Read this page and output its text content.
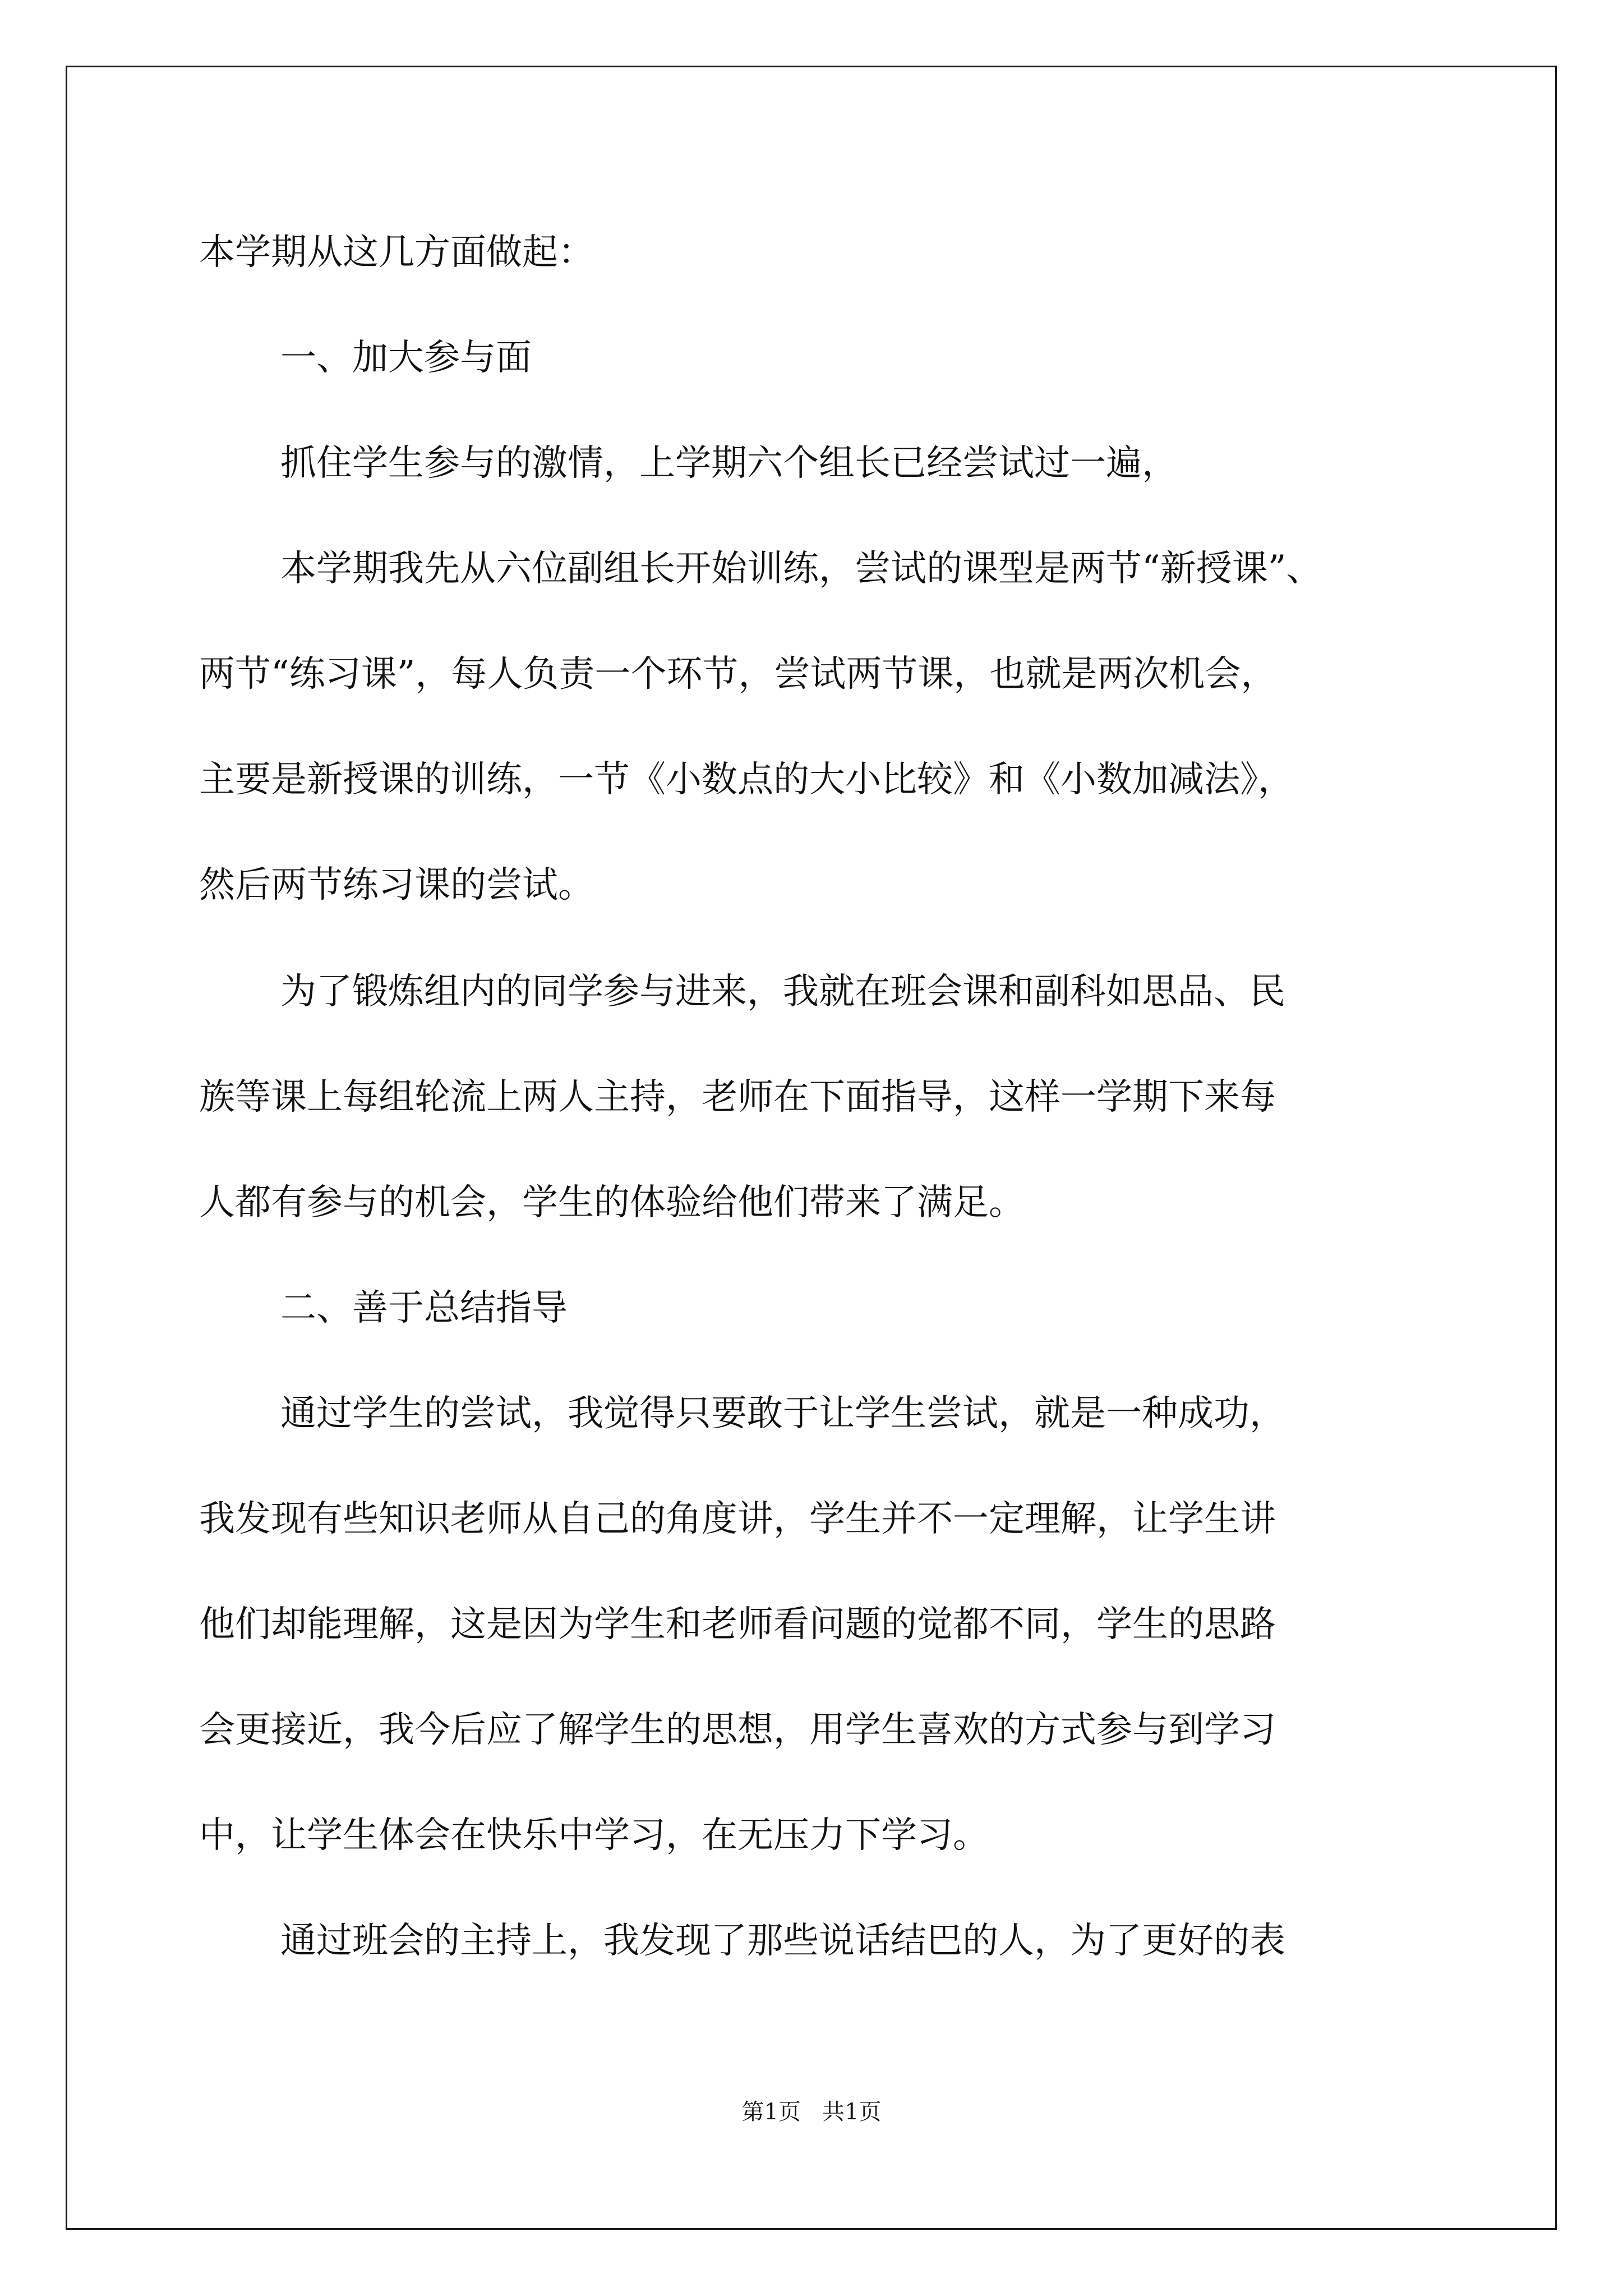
本学期从这几方面做起：
一、加大参与面
抓住学生参与的激情，上学期六个组长已经尝试过一遍，
本学期我先从六位副组长开始训练，尝试的课型是两节“新授课”、
两节“练习课”，每人负责一个环节，尝试两节课，也就是两次机会，
主要是新授课的训练，一节《小数点的大小比较》和《小数加减法》，
然后两节练习课的尝试。
为了锻炼组内的同学参与进来，我就在班会课和副科如思品、民
族等课上每组轮流上两人主持，老师在下面指导，这样一学期下来每
人都有参与的机会，学生的体验给他们带来了满足。
二、善于总结指导
通过学生的尝试，我觉得只要敢于让学生尝试，就是一种成功，
我发现有些知识老师从自己的角度讲，学生并不一定理解，让学生讲
他们却能理解，这是因为学生和老师看问题的觉都不同，学生的思路
会更接近，我今后应了解学生的思想，用学生喜欢的方式参与到学习
中，让学生体会在快乐中学习，在无压力下学习。
通过班会的主持上，我发现了那些说话结巴的人，为了更好的表
第1页   共1页
